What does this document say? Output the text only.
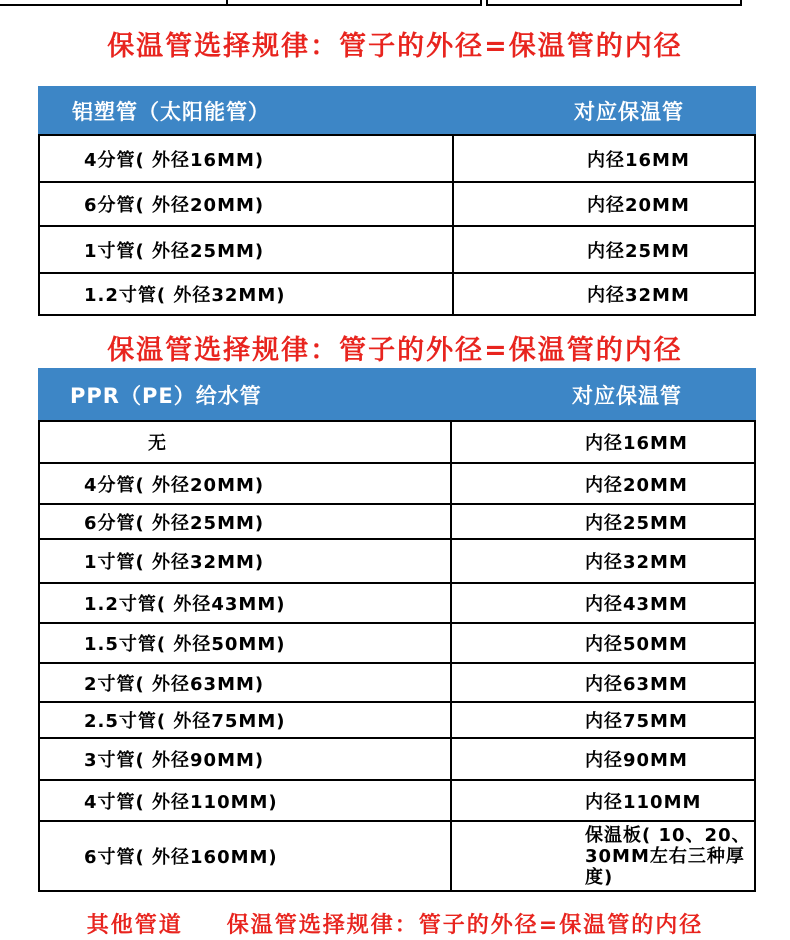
保温管选择规律：管子的外径=保温管的内径
铝塑管（太阳能管）	对应保温管
4分管( 外径16MM)	内径16MM
6分管( 外径20MM)	内径20MM
1寸管( 外径25MM)	内径25MM
1.2寸管( 外径32MM)	内径32MM
保温管选择规律：管子的外径=保温管的内径
PPR（PE）给水管	对应保温管
无	内径16MM
4分管( 外径20MM)	内径20MM
6分管( 外径25MM)	内径25MM
1寸管( 外径32MM)	内径32MM
1.2寸管( 外径43MM)	内径43MM
1.5寸管( 外径50MM)	内径50MM
2寸管( 外径63MM)	内径63MM
2.5寸管( 外径75MM)	内径75MM
3寸管( 外径90MM)	内径90MM
4寸管( 外径110MM)	内径110MM
6寸管( 外径160MM)	保温板( 10、20、
30MM左右三种厚度)
其他管道 保温管选择规律：管子的外径=保温管的内径
